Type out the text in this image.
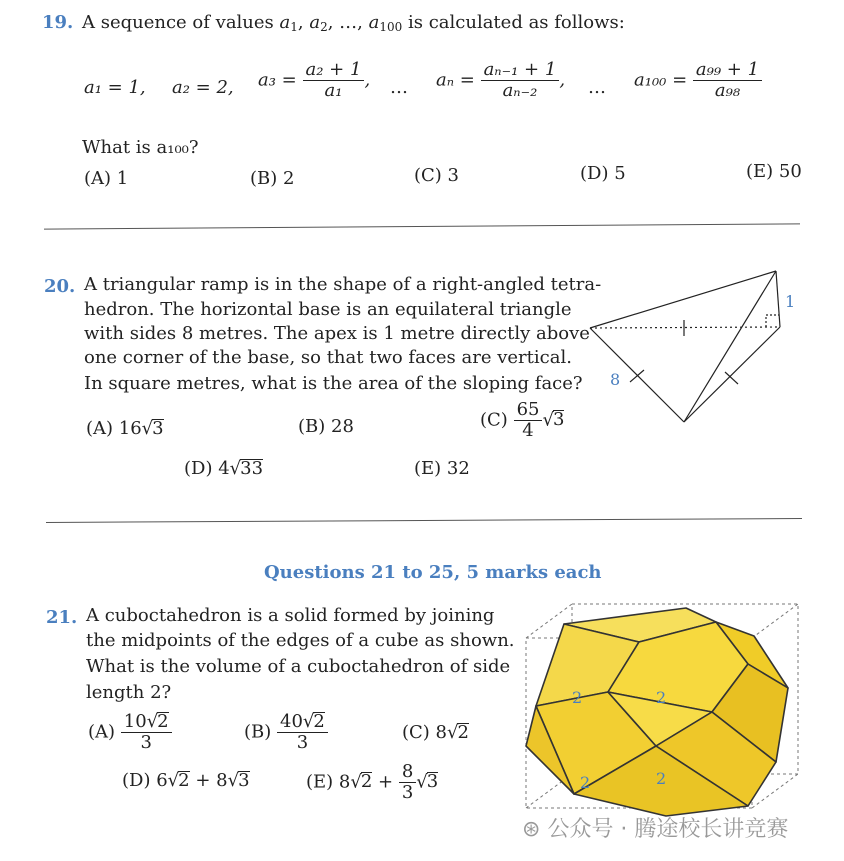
19. A sequence of values $a_1$, $a_2$, …, $a_{100}$ is calculated as follows:
a₁ = 1, a₂ = 2, $a_3 = \frac{\text{a₂ + 1}}{\text{a₁}}$ , … $a_n = \frac{\text{aₙ₋₁ + 1}}{\text{aₙ₋₂}}$ , … $a_{100} = \frac{\text{a₉₉ + 1}}{\text{a₉₈}}$
What is a₁₀₀?
(A) 1	(B) 2	(C) 3	(D) 5	(E) 50
20. A triangular ramp is in the shape of a right-angled tetra-
hedron. The horizontal base is an equilateral triangle
with sides 8 metres. The apex is 1 metre directly above
one corner of the base, so that two faces are vertical.
In square metres, what is the area of the sloping face?
(A) 16√3	(B) 28	$(C) \frac{65}{4} √3$
(D) 4√33	(E) 32
1
8
Questions 21 to 25, 5 marks each
21. A cuboctahedron is a solid formed by joining
the midpoints of the edges of a cube as shown.
What is the volume of a cuboctahedron of side
length 2?
$(A) \frac{10√2}{3}$	$(B) \frac{40√2}{3}$	(C) 8√2
(D) 6√2 + 8√3	(E) $8√2 + \frac{8}{3} √3$
2	2
2	2
⊛ 公众号 · 腾途校长讲竞赛
